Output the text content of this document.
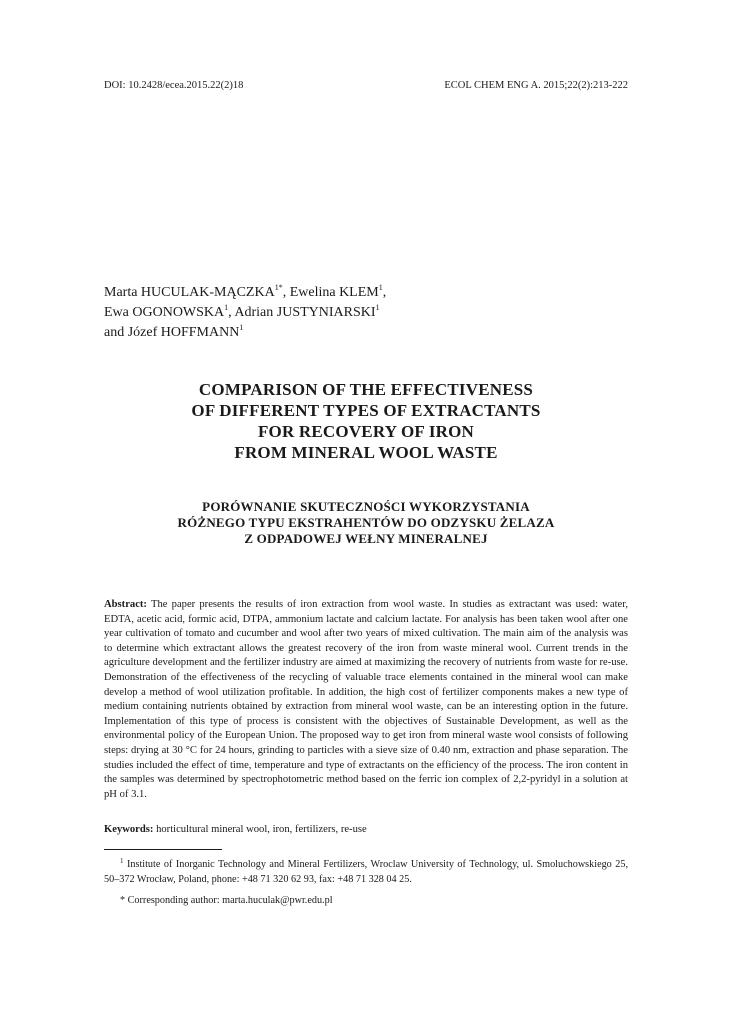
DOI: 10.2428/ecea.2015.22(2)18	ECOL CHEM ENG A. 2015;22(2):213-222
Marta HUCULAK-$MĄCZKA^{1*}$, Ewelina KLEM$^1$,
Ewa OGONOWSKA$^1$, Adrian JUSTYNIARSKI$^1$
and Józef HOFFMANN$^1$
COMPARISON OF THE EFFECTIVENESS
OF DIFFERENT TYPES OF EXTRACTANTS
FOR RECOVERY OF IRON
FROM MINERAL WOOL WASTE
PORÓWNANIE SKUTECZNOŚCI WYKORZYSTANIA
RÓŻNEGO TYPU EKSTRAHENTÓW DO ODZYSKU ŻELAZA
Z ODPADOWEJ WEŁNY MINERALNEJ
Abstract: The paper presents the results of iron extraction from wool waste. In studies as extractant was used: water, EDTA, acetic acid, formic acid, DTPA, ammonium lactate and calcium lactate. For analysis has been taken wool after one year cultivation of tomato and cucumber and wool after two years of mixed cultivation. The main aim of the analysis was to determine which extractant allows the greatest recovery of the iron from waste mineral wool. Current trends in the agriculture development and the fertilizer industry are aimed at maximizing the recovery of nutrients from waste for re-use. Demonstration of the effectiveness of the recycling of valuable trace elements contained in the mineral wool can make develop a method of wool utilization profitable. In addition, the high cost of fertilizer components makes a new type of medium containing nutrients obtained by extraction from mineral wool waste, can be an interesting option in the future. Implementation of this type of process is consistent with the objectives of Sustainable Development, as well as the environmental policy of the European Union. The proposed way to get iron from mineral waste wool consists of following steps: drying at 30 °C for 24 hours, grinding to particles with a sieve size of 0.40 nm, extraction and phase separation. The studies included the effect of time, temperature and type of extractants on the efficiency of the process. The iron content in the samples was determined by spectrophotometric method based on the ferric ion complex of 2,2-pyridyl in a solution at pH of 3.1.
Keywords: horticultural mineral wool, iron, fertilizers, re-use
$^1$ Institute of Inorganic Technology and Mineral Fertilizers, Wroclaw University of Technology, ul. Smoluchowskiego 25, 50–372 Wrocław, Poland, phone: +48 71 320 62 93, fax: +48 71 328 04 25.
* Corresponding author: marta.huculak@pwr.edu.pl
